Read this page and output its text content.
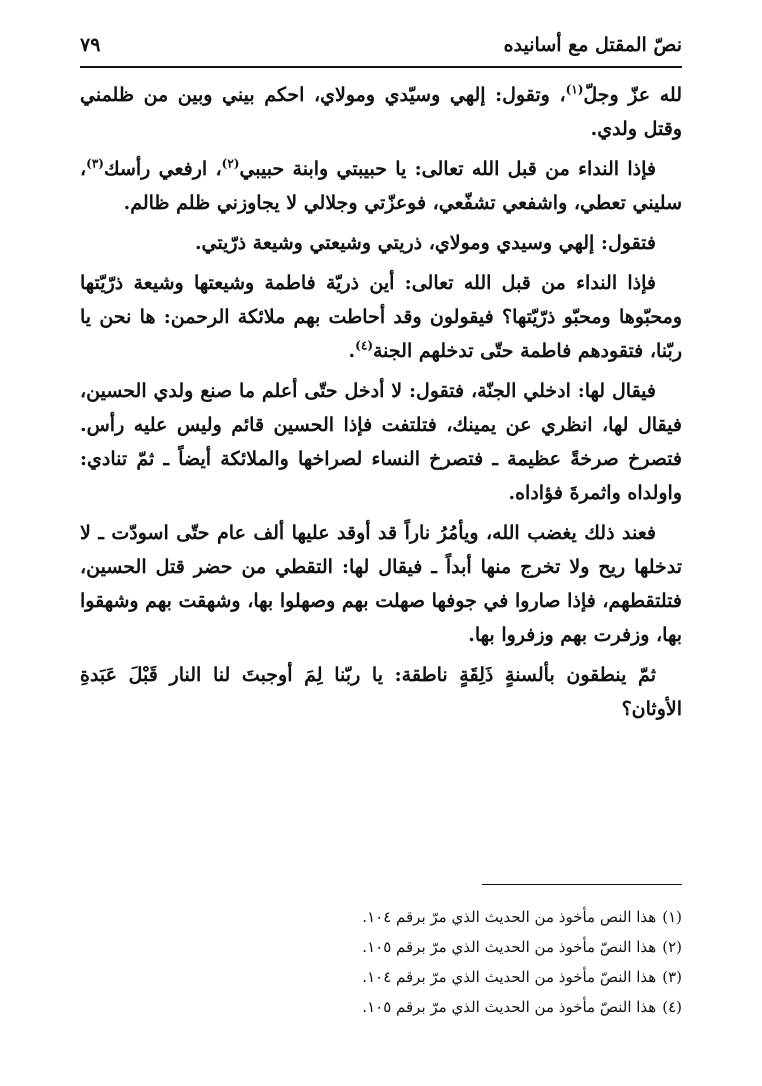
نصّ المقتل مع أسانيده
٧٩

لله عزّ وجلّ$^{(١)}$، وتقول: إلهي وسيّدي ومولاي، احكم بيني وبين من ظلمني وقتل ولدي.

فإذا النداء من قبل الله تعالى: يا حبيبتي وابنة حبيبي$^{(٢)}$، ارفعي رأسك$^{(٣)}$، سليني تعطي، واشفعي تشفّعي، فوعزّتي وجلالي لا يجاوزني ظلم ظالم.

فتقول: إلهي وسيدي ومولاي، ذريتي وشيعتي وشيعة ذرّيتي.

فإذا النداء من قبل الله تعالى: أين ذريّة فاطمة وشيعتها وشيعة ذرّيّتها ومحبّوها ومحبّو ذرّيّتها؟ فيقولون وقد أحاطت بهم ملائكة الرحمن: ها نحن يا ربّنا، فتقودهم فاطمة حتّى تدخلهم الجنة$^{(٤)}$.

فيقال لها: ادخلي الجنّة، فتقول: لا أدخل حتّى أعلم ما صنع ولدي الحسين، فيقال لها، انظري عن يمينك، فتلتفت فإذا الحسين قائم وليس عليه رأس. فتصرخ صرخةً عظيمة ـ فتصرخ النساء لصراخها والملائكة أيضاً ـ ثمّ تنادي: واولداه واثمرةَ فؤاداه.

فعند ذلك يغضب الله، ويأمُرُ ناراً قد أوقد عليها ألف عام حتّى اسودّت ـ لا تدخلها ريح ولا تخرج منها أبداً ـ فيقال لها: التقطي من حضر قتل الحسين، فتلتقطهم، فإذا صاروا في جوفها صهلت بهم وصهلوا بها، وشهقت بهم وشهقوا بها، وزفرت بهم وزفروا بها.

ثمّ ينطقون بألسنةٍ ذَلِقَةٍ ناطقة: يا ربّنا لِمَ أوجبتَ لنا النار قَبْلَ عَبَدةِ الأوثان؟

(١)هذا النص مأخوذ من الحديث الذي مرّ برقم ١٠٤.
(٢)هذا النصّ مأخوذ من الحديث الذي مرّ برقم ١٠٥.
(٣)هذا النصّ مأخوذ من الحديث الذي مرّ برقم ١٠٤.
(٤)هذا النصّ مأخوذ من الحديث الذي مرّ برقم ١٠٥.
